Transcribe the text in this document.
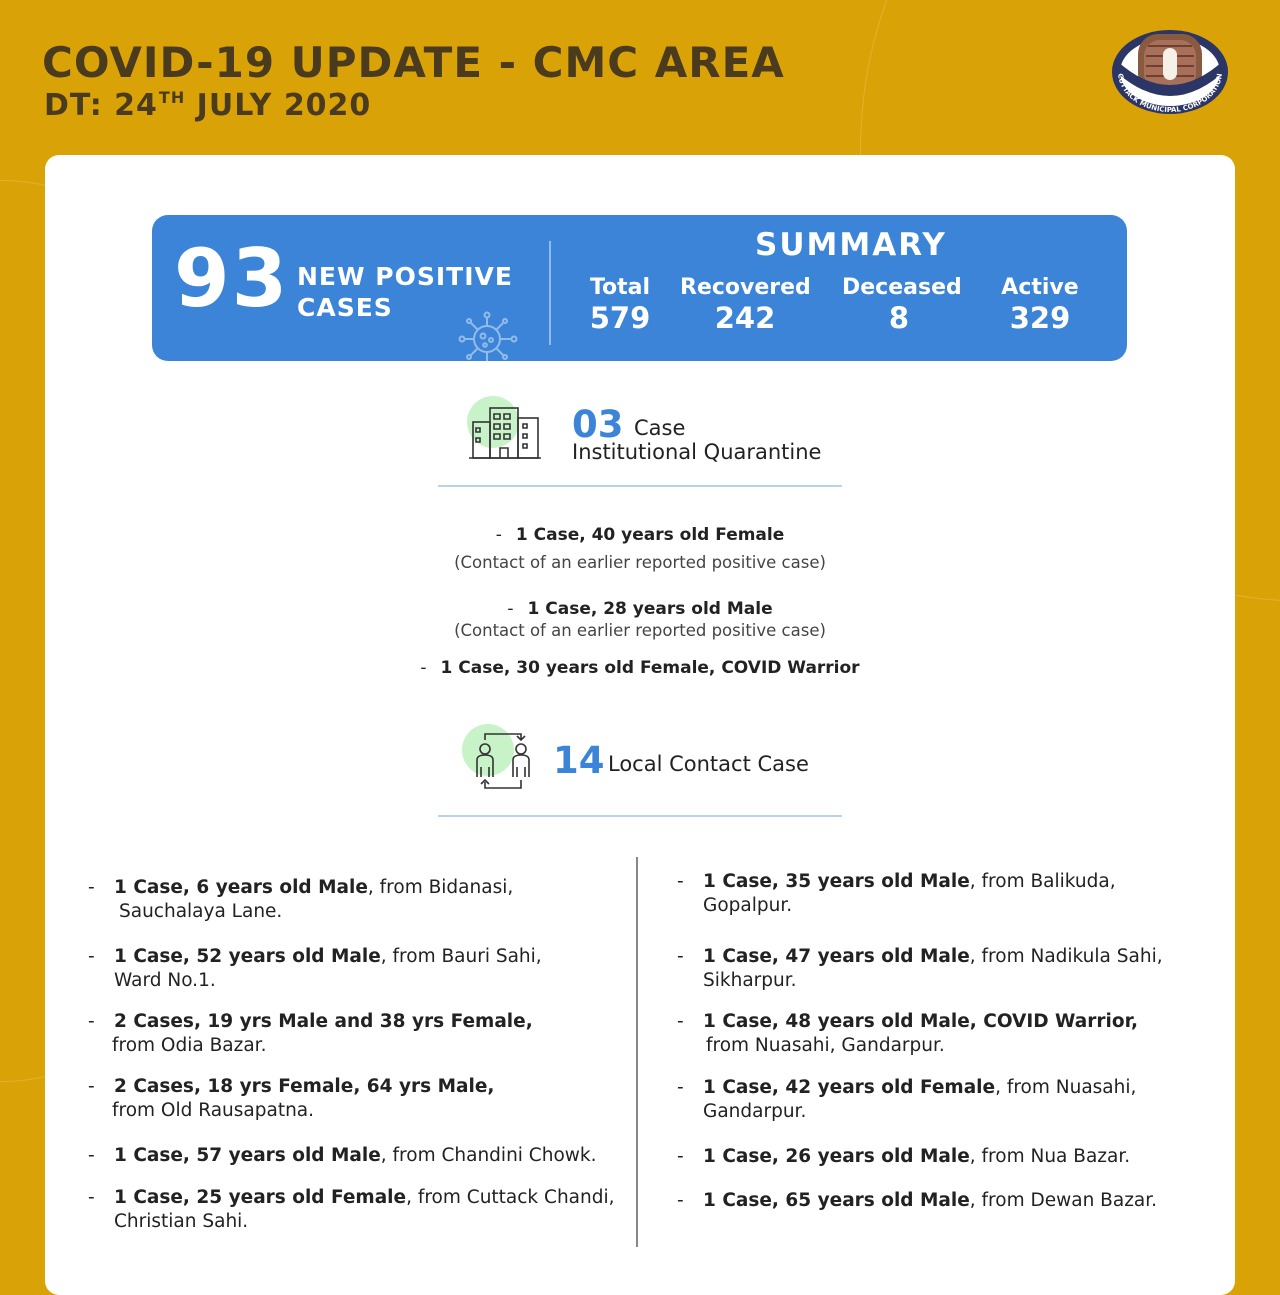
COVID-19 UPDATE - CMC AREA
DT: 24TH JULY 2020
CUTTACK MUNICIPAL CORPORATION
93 NEW POSITIVE
CASES
SUMMARY
Total
579
Recovered
242
Deceased
8
Active
329
03 Case
Institutional Quarantine
- 1 Case, 40 years old Female
(Contact of an earlier reported positive case)
- 1 Case, 28 years old Male
(Contact of an earlier reported positive case)
- 1 Case, 30 years old Female, COVID Warrior
14 Local Contact Case
- 1 Case, 6 years old Male, from Bidanasi,
Sauchalaya Lane.
- 1 Case, 52 years old Male, from Bauri Sahi,
Ward No.1.
- 2 Cases, 19 yrs Male and 38 yrs Female,
from Odia Bazar.
- 2 Cases, 18 yrs Female, 64 yrs Male,
from Old Rausapatna.
- 1 Case, 57 years old Male, from Chandini Chowk.
- 1 Case, 25 years old Female, from Cuttack Chandi,
Christian Sahi.
- 1 Case, 35 years old Male, from Balikuda,
Gopalpur.
- 1 Case, 47 years old Male, from Nadikula Sahi,
Sikharpur.
- 1 Case, 48 years old Male, COVID Warrior,
from Nuasahi, Gandarpur.
- 1 Case, 42 years old Female, from Nuasahi,
Gandarpur.
- 1 Case, 26 years old Male, from Nua Bazar.
- 1 Case, 65 years old Male, from Dewan Bazar.
